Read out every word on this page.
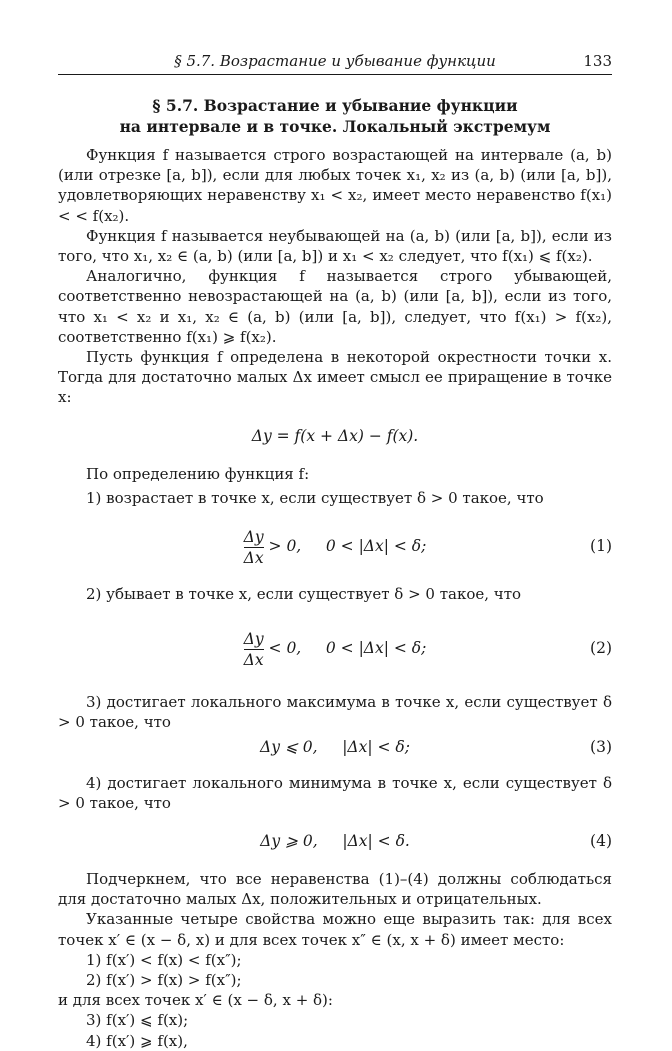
§ 5.7. Возрастание и убывание функции	133
§ 5.7. Возрастание и убывание функции
на интервале и в точке. Локальный экстремум

Функция f называется строго возрастающей на интервале (a, b) (или отрезке [a, b]), если для любых точек x₁, x₂ из (a, b) (или [a, b]), удовлетворяющих неравенству x₁ < x₂, имеет место неравенство f(x₁) < < f(x₂).

Функция f называется неубывающей на (a, b) (или [a, b]), если из того, что x₁, x₂ ∈ (a, b) (или [a, b]) и x₁ < x₂ следует, что f(x₁) ⩽ f(x₂).

Аналогично, функция f называется строго убывающей, соответственно невозрастающей на (a, b) (или [a, b]), если из того, что x₁ < x₂ и x₁, x₂ ∈ (a, b) (или [a, b]), следует, что f(x₁) > f(x₂), соответственно f(x₁) ⩾ f(x₂).

Пусть функция f определена в некоторой окрестности точки x. Тогда для достаточно малых Δx имеет смысл ее приращение в точке x:

Δy = f(x + Δx) − f(x).

По определению функция f:

1) возрастает в точке x, если существует δ > 0 такое, что

$\frac{\Delta y}{\Delta x} > 0$,     0 < |Δx| < δ;	(1)

2) убывает в точке x, если существует δ > 0 такое, что

$\frac{\Delta y}{\Delta x} < 0$,     0 < |Δx| < δ;	(2)

3) достигает локального максимума в точке x, если существует δ > 0 такое, что

Δy ⩽ 0,     |Δx| < δ;	(3)

4) достигает локального минимума в точке x, если существует δ > 0 такое, что

Δy ⩾ 0,     |Δx| < δ.	(4)

Подчеркнем, что все неравенства (1)–(4) должны соблюдаться для достаточно малых Δx, положительных и отрицательных.

Указанные четыре свойства можно еще выразить так: для всех точек x′ ∈ (x − δ, x) и для всех точек x″ ∈ (x, x + δ) имеет место:

1) f(x′) < f(x) < f(x″);
2) f(x′) > f(x) > f(x″);
и для всех точек x′ ∈ (x − δ, x + δ):
3) f(x′) ⩽ f(x);
4) f(x′) ⩾ f(x),
